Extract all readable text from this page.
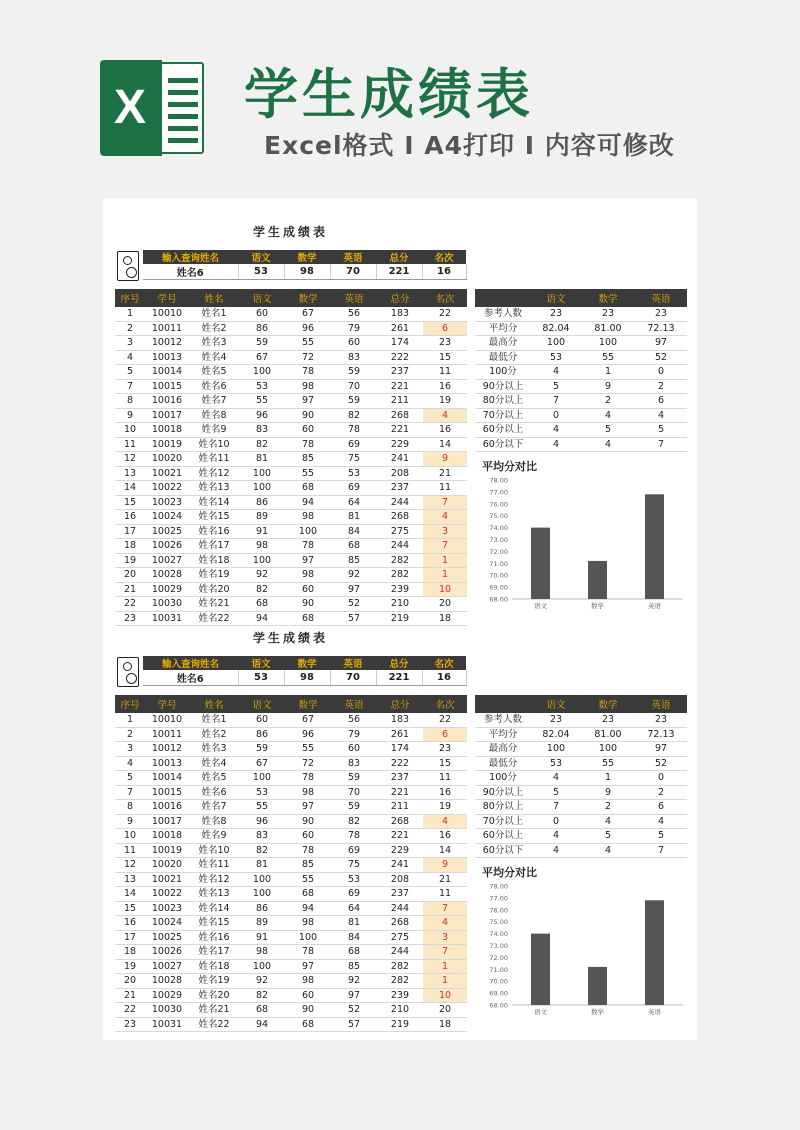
X 学生成绩表
Excel格式 I A4打印 I 内容可修改
学生成绩表
输入查询姓名	语文	数学	英语	总分	名次
姓名6	53	98	70	221	16
序号	学号	姓名	语文	数学	英语	总分	名次
1	10010	姓名1	60	67	56	183	22
2	10011	姓名2	86	96	79	261	6
3	10012	姓名3	59	55	60	174	23
4	10013	姓名4	67	72	83	222	15
5	10014	姓名5	100	78	59	237	11
7	10015	姓名6	53	98	70	221	16
8	10016	姓名7	55	97	59	211	19
9	10017	姓名8	96	90	82	268	4
10	10018	姓名9	83	60	78	221	16
11	10019	姓名10	82	78	69	229	14
12	10020	姓名11	81	85	75	241	9
13	10021	姓名12	100	55	53	208	21
14	10022	姓名13	100	68	69	237	11
15	10023	姓名14	86	94	64	244	7
16	10024	姓名15	89	98	81	268	4
17	10025	姓名16	91	100	84	275	3
18	10026	姓名17	98	78	68	244	7
19	10027	姓名18	100	97	85	282	1
20	10028	姓名19	92	98	92	282	1
21	10029	姓名20	82	60	97	239	10
22	10030	姓名21	68	90	52	210	20
23	10031	姓名22	94	68	57	219	18
	语文	数学	英语
参考人数	23	23	23
平均分	82.04	81.00	72.13
最高分	100	100	97
最低分	53	55	52
100分	4	1	0
90分以上	5	9	2
80分以上	7	2	6
70分以上	0	4	4
60分以上	4	5	5
60分以下	4	4	7
平均分对比
68.00
69.00
70.00
71.00
72.00
73.00
74.00
75.00
76.00
77.00
78.00
语文	数学	英语
学生成绩表
输入查询姓名	语文	数学	英语	总分	名次
姓名6	53	98	70	221	16
序号	学号	姓名	语文	数学	英语	总分	名次
1	10010	姓名1	60	67	56	183	22
2	10011	姓名2	86	96	79	261	6
3	10012	姓名3	59	55	60	174	23
4	10013	姓名4	67	72	83	222	15
5	10014	姓名5	100	78	59	237	11
7	10015	姓名6	53	98	70	221	16
8	10016	姓名7	55	97	59	211	19
9	10017	姓名8	96	90	82	268	4
10	10018	姓名9	83	60	78	221	16
11	10019	姓名10	82	78	69	229	14
12	10020	姓名11	81	85	75	241	9
13	10021	姓名12	100	55	53	208	21
14	10022	姓名13	100	68	69	237	11
15	10023	姓名14	86	94	64	244	7
16	10024	姓名15	89	98	81	268	4
17	10025	姓名16	91	100	84	275	3
18	10026	姓名17	98	78	68	244	7
19	10027	姓名18	100	97	85	282	1
20	10028	姓名19	92	98	92	282	1
21	10029	姓名20	82	60	97	239	10
22	10030	姓名21	68	90	52	210	20
23	10031	姓名22	94	68	57	219	18
	语文	数学	英语
参考人数	23	23	23
平均分	82.04	81.00	72.13
最高分	100	100	97
最低分	53	55	52
100分	4	1	0
90分以上	5	9	2
80分以上	7	2	6
70分以上	0	4	4
60分以上	4	5	5
60分以下	4	4	7
平均分对比
68.00
69.00
70.00
71.00
72.00
73.00
74.00
75.00
76.00
77.00
78.00
语文	数学	英语
